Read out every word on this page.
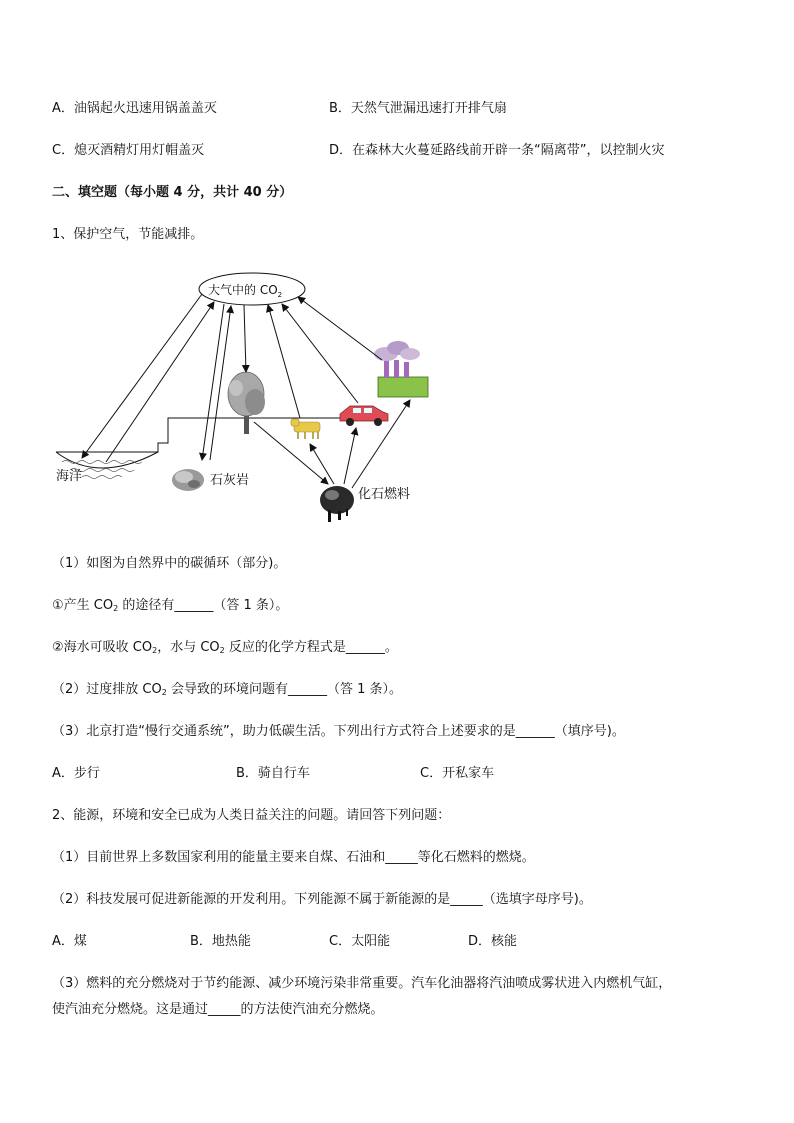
A．油锅起火迅速用锅盖盖灭	B．天然气泄漏迅速打开排气扇
C．熄灭酒精灯用灯帽盖灭	D．在森林大火蔓延路线前开辟一条“隔离带”，以控制火灾
二、填空题（每小题 4 分，共计 40 分）
1、保护空气，节能减排。
大气中的 $CO_2$
海洋	石灰岩
化石燃料
（1）如图为自然界中的碳循环（部分)。
①产生 $CO_2$ 的途径有______（答 1 条）。
②海水可吸收 $CO_2$，水与 $CO_2$ 反应的化学方程式是______。
（2）过度排放 $CO_2$ 会导致的环境问题有______（答 1 条）。
（3）北京打造“慢行交通系统”，助力低碳生活。下列出行方式符合上述要求的是______（填序号)。
A．步行	B．骑自行车	C．开私家车
2、能源，环境和安全已成为人类日益关注的问题。请回答下列问题：
（1）目前世界上多数国家利用的能量主要来自煤、石油和_____等化石燃料的燃烧。
（2）科技发展可促进新能源的开发利用。下列能源不属于新能源的是_____（选填字母序号)。
A．煤	B．地热能	C．太阳能	D．核能
（3）燃料的充分燃烧对于节约能源、减少环境污染非常重要。汽车化油器将汽油喷成雾状进入内燃机气缸，
使汽油充分燃烧。这是通过_____的方法使汽油充分燃烧。
